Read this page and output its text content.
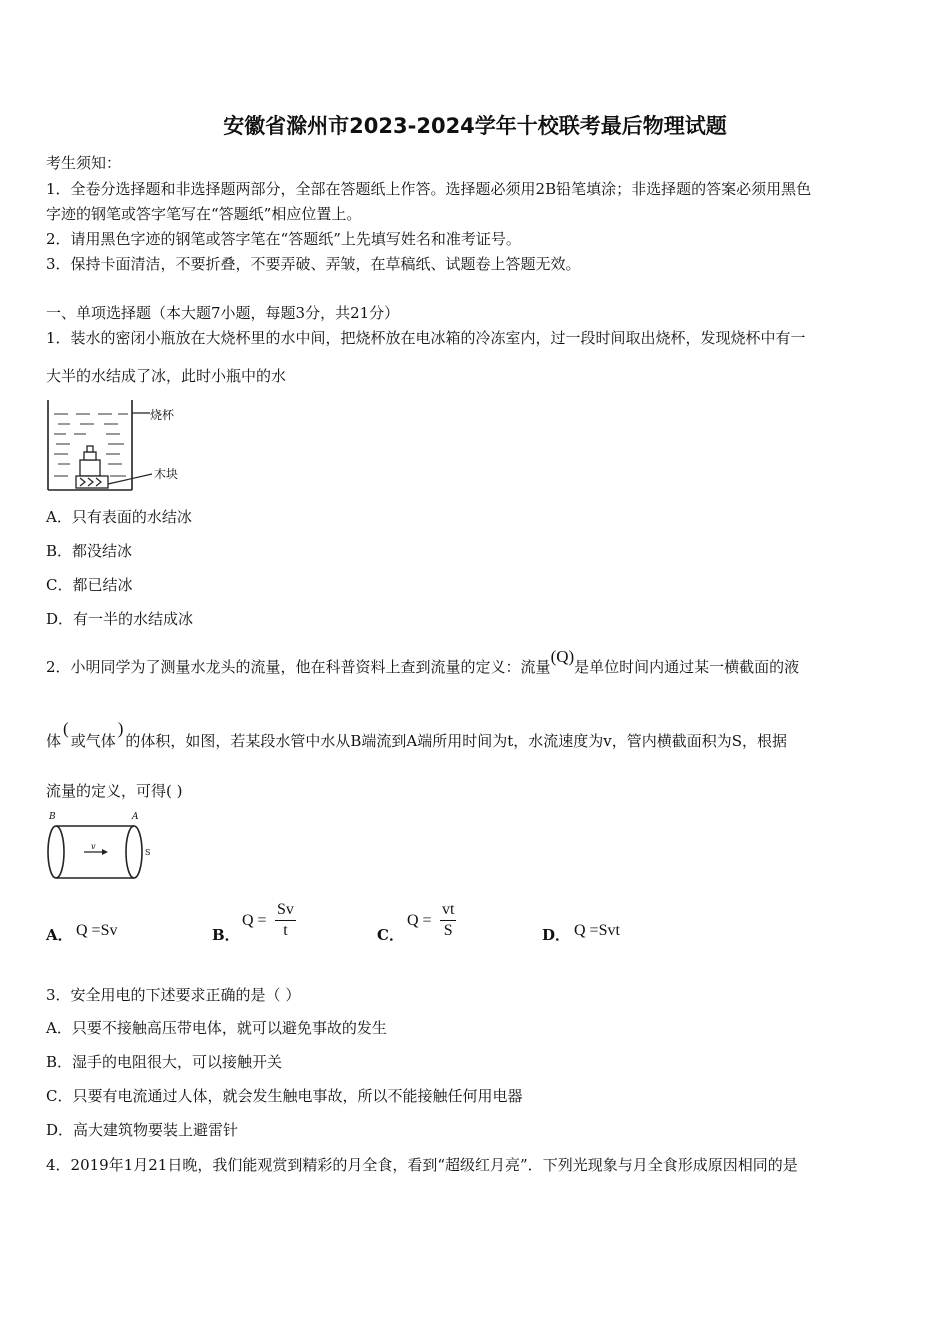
安徽省滁州市2023-2024学年十校联考最后物理试题
考生须知：
1．全卷分选择题和非选择题两部分，全部在答题纸上作答。选择题必须用2B铅笔填涂；非选择题的答案必须用黑色
字迹的钢笔或答字笔写在“答题纸”相应位置上。
2．请用黑色字迹的钢笔或答字笔在“答题纸”上先填写姓名和准考证号。
3．保持卡面清洁，不要折叠，不要弄破、弄皱，在草稿纸、试题卷上答题无效。
一、单项选择题（本大题7小题，每题3分，共21分）
1．装水的密闭小瓶放在大烧杯里的水中间，把烧杯放在电冰箱的冷冻室内，过一段时间取出烧杯，发现烧杯中有一
大半的水结成了冰，此时小瓶中的水
烧杯
木块
A．只有表面的水结冰
B．都没结冰
C．都已结冰
D．有一半的水结成冰
2．小明同学为了测量水龙头的流量，他在科普资料上查到流量的定义：流量(Q)是单位时间内通过某一横截面的液
体(或气体)的体积，如图，若某段水管中水从B端流到A端所用时间为t，水流速度为v，管内横截面积为S，根据
流量的定义，可得( )
B	A
v
S
A． Q =Sv	B．
$Q = \frac{Sv}{t}$	C．
$Q = \frac{vt}{S}$	D． Q =Svt
3．安全用电的下述要求正确的是（ ）
A．只要不接触高压带电体，就可以避免事故的发生
B．湿手的电阻很大，可以接触开关
C．只要有电流通过人体，就会发生触电事故，所以不能接触任何用电器
D．高大建筑物要装上避雷针
4．2019年1月21日晚，我们能观赏到精彩的月全食，看到“超级红月亮”．下列光现象与月全食形成原因相同的是
